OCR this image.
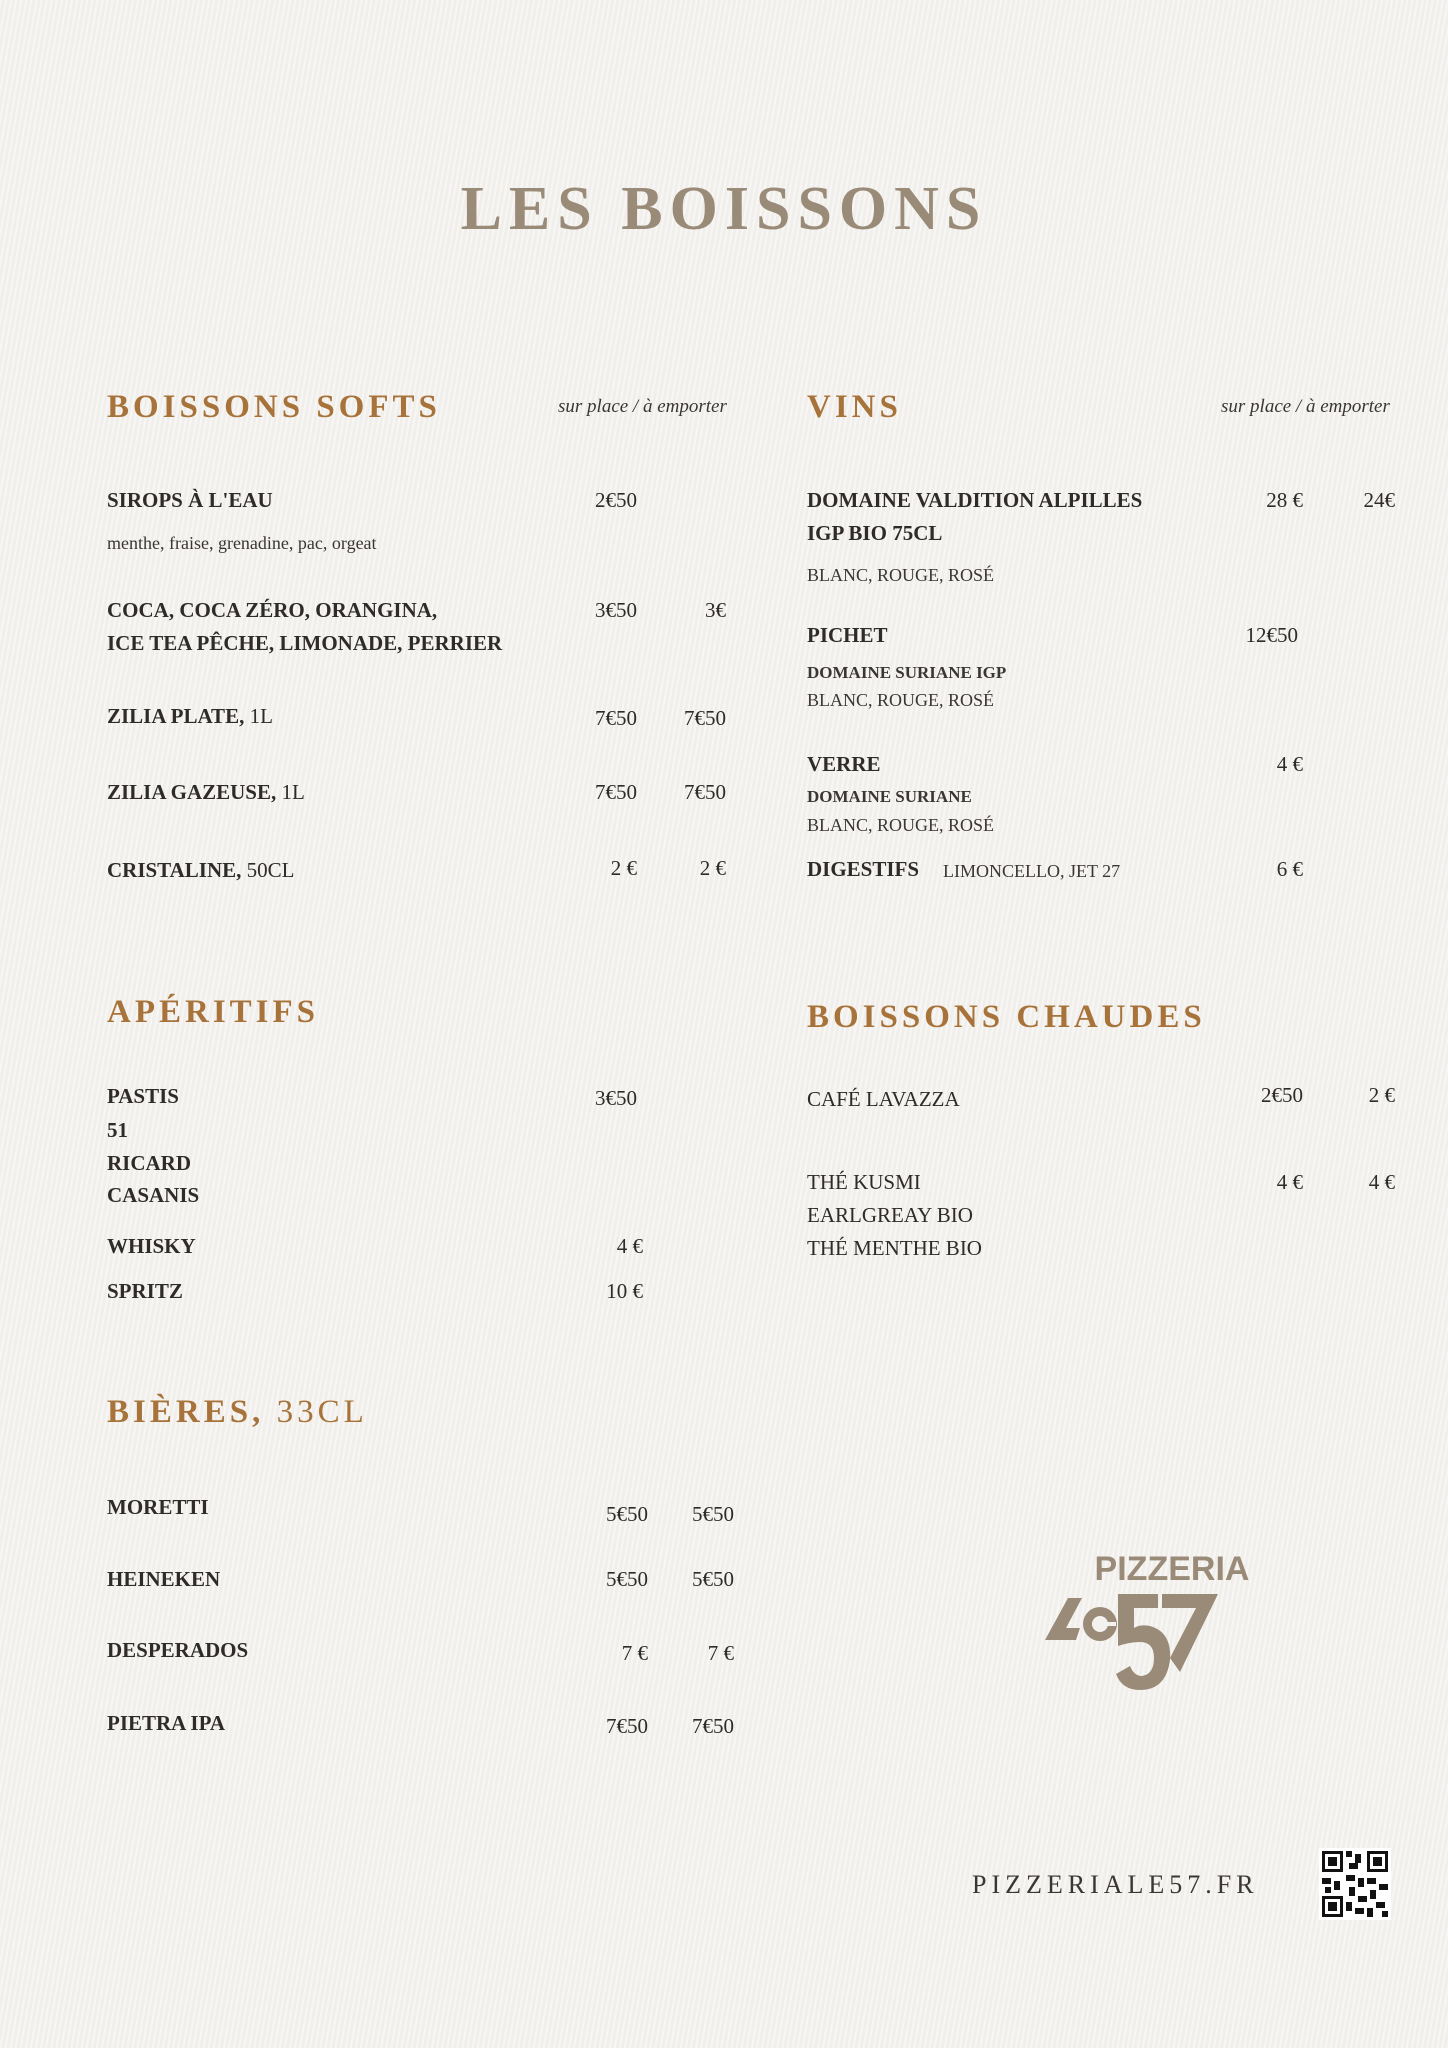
LES BOISSONS
BOISSONS SOFTS	sur place / à emporter
SIROPS À L'EAU
menthe, fraise, grenadine, pac, orgeat
2€50
COCA, COCA ZÉRO, ORANGINA,
ICE TEA PÊCHE, LIMONADE, PERRIER
3€50	3€
ZILIA PLATE, 1L	7€50 7€50
ZILIA GAZEUSE, 1L	7€50 7€50
CRISTALINE, 50CL	2 €	2 €
VINS	sur place / à emporter
DOMAINE VALDITION ALPILLES
IGP BIO 75CL
BLANC, ROUGE, ROSÉ
28 €	24€
PICHET
DOMAINE SURIANE IGP
BLANC, ROUGE, ROSÉ
12€50
VERRE
DOMAINE SURIANE
BLANC, ROUGE, ROSÉ
4 €
DIGESTIFS LIMONCELLO, JET 27	6 €
APÉRITIFS
PASTIS
51
RICARD
CASANIS
3€50
WHISKY	4 €
SPRITZ	10 €
BOISSONS CHAUDES
CAFÉ LAVAZZA	2€50	2 €
THÉ KUSMI
EARLGREAY BIO
THÉ MENTHE BIO
4 €	4 €
BIÈRES, 33CL
MORETTI	5€50 5€50
HEINEKEN	5€50 5€50
DESPERADOS	7 €	7 €
PIETRA IPA	7€50 7€50
PIZZERIA
PIZZERIALE57.FR
